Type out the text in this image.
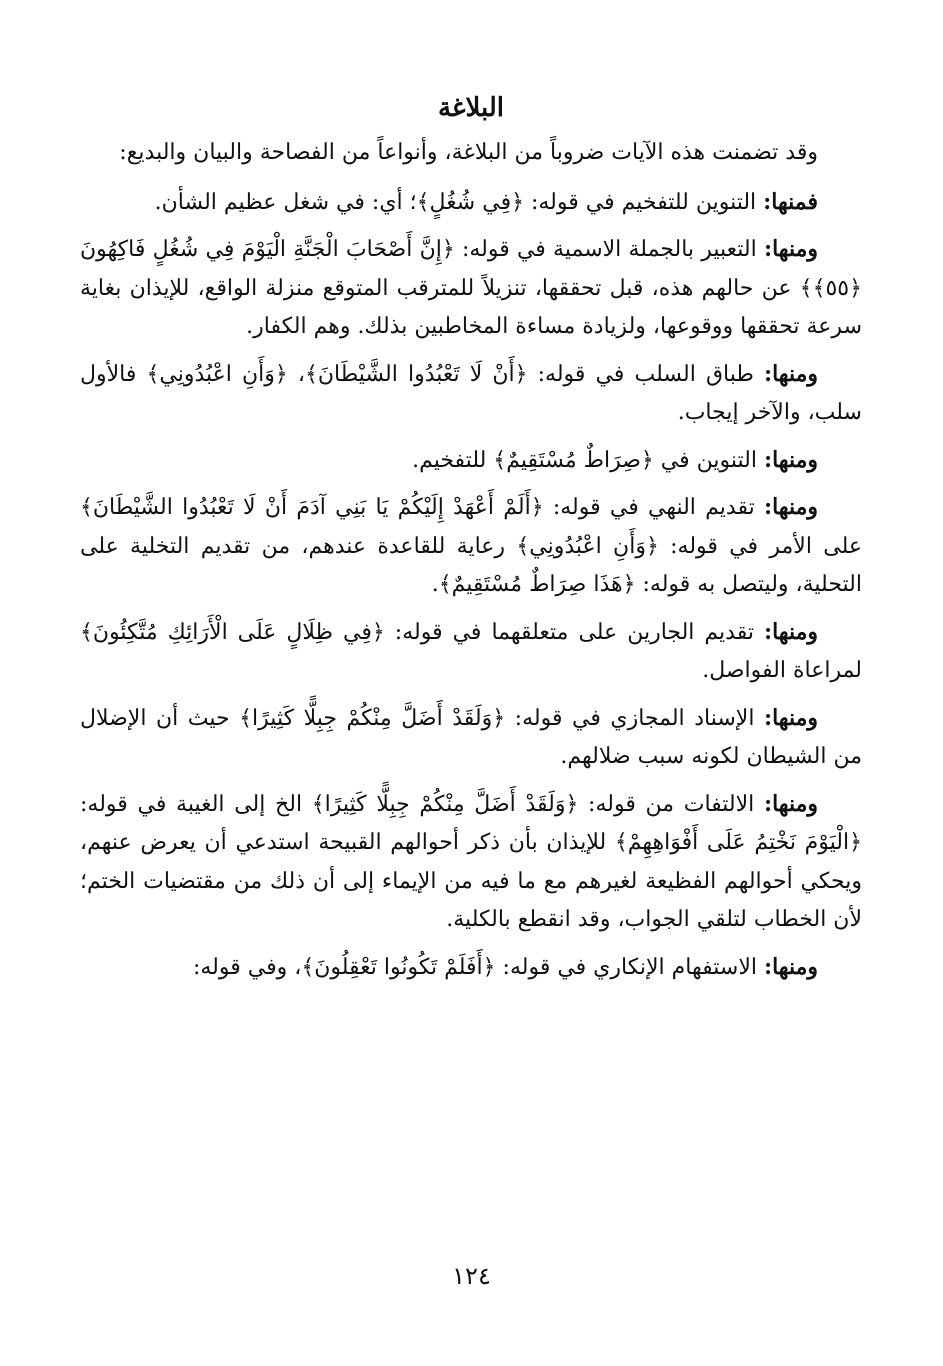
البلاغة

وقد تضمنت هذه الآيات ضروباً من البلاغة، وأنواعاً من الفصاحة والبيان والبديع:

فمنها: التنوين للتفخيم في قوله: ﴿فِي شُغُلٍ﴾؛ أي: في شغل عظيم الشأن.

ومنها: التعبير بالجملة الاسمية في قوله: ﴿إِنَّ أَصْحَابَ الْجَنَّةِ الْيَوْمَ فِي شُغُلٍ فَاكِهُونَ ﴿٥٥﴾﴾ عن حالهم هذه، قبل تحققها، تنزيلاً للمترقب المتوقع منزلة الواقع، للإيذان بغاية سرعة تحققها ووقوعها، ولزيادة مساءة المخاطبين بذلك. وهم الكفار.

ومنها: طباق السلب في قوله: ﴿أَنْ لَا تَعْبُدُوا الشَّيْطَانَ﴾، ﴿وَأَنِ اعْبُدُونِي﴾ فالأول سلب، والآخر إيجاب.

ومنها: التنوين في ﴿صِرَاطٌ مُسْتَقِيمٌ﴾ للتفخيم.

ومنها: تقديم النهي في قوله: ﴿أَلَمْ أَعْهَدْ إِلَيْكُمْ يَا بَنِي آدَمَ أَنْ لَا تَعْبُدُوا الشَّيْطَانَ﴾ على الأمر في قوله: ﴿وَأَنِ اعْبُدُونِي﴾ رعاية للقاعدة عندهم، من تقديم التخلية على التحلية، وليتصل به قوله: ﴿هَذَا صِرَاطٌ مُسْتَقِيمٌ﴾.

ومنها: تقديم الجارين على متعلقهما في قوله: ﴿فِي ظِلَالٍ عَلَى الْأَرَائِكِ مُتَّكِئُونَ﴾ لمراعاة الفواصل.

ومنها: الإسناد المجازي في قوله: ﴿وَلَقَدْ أَضَلَّ مِنْكُمْ جِبِلًّا كَثِيرًا﴾ حيث أن الإضلال من الشيطان لكونه سبب ضلالهم.

ومنها: الالتفات من قوله: ﴿وَلَقَدْ أَضَلَّ مِنْكُمْ جِبِلًّا كَثِيرًا﴾ الخ إلى الغيبة في قوله: ﴿الْيَوْمَ نَخْتِمُ عَلَى أَفْوَاهِهِمْ﴾ للإيذان بأن ذكر أحوالهم القبيحة استدعي أن يعرض عنهم، ويحكي أحوالهم الفظيعة لغيرهم مع ما فيه من الإيماء إلى أن ذلك من مقتضيات الختم؛ لأن الخطاب لتلقي الجواب، وقد انقطع بالكلية.

ومنها: الاستفهام الإنكاري في قوله: ﴿أَفَلَمْ تَكُونُوا تَعْقِلُونَ﴾، وفي قوله:

١٢٤
